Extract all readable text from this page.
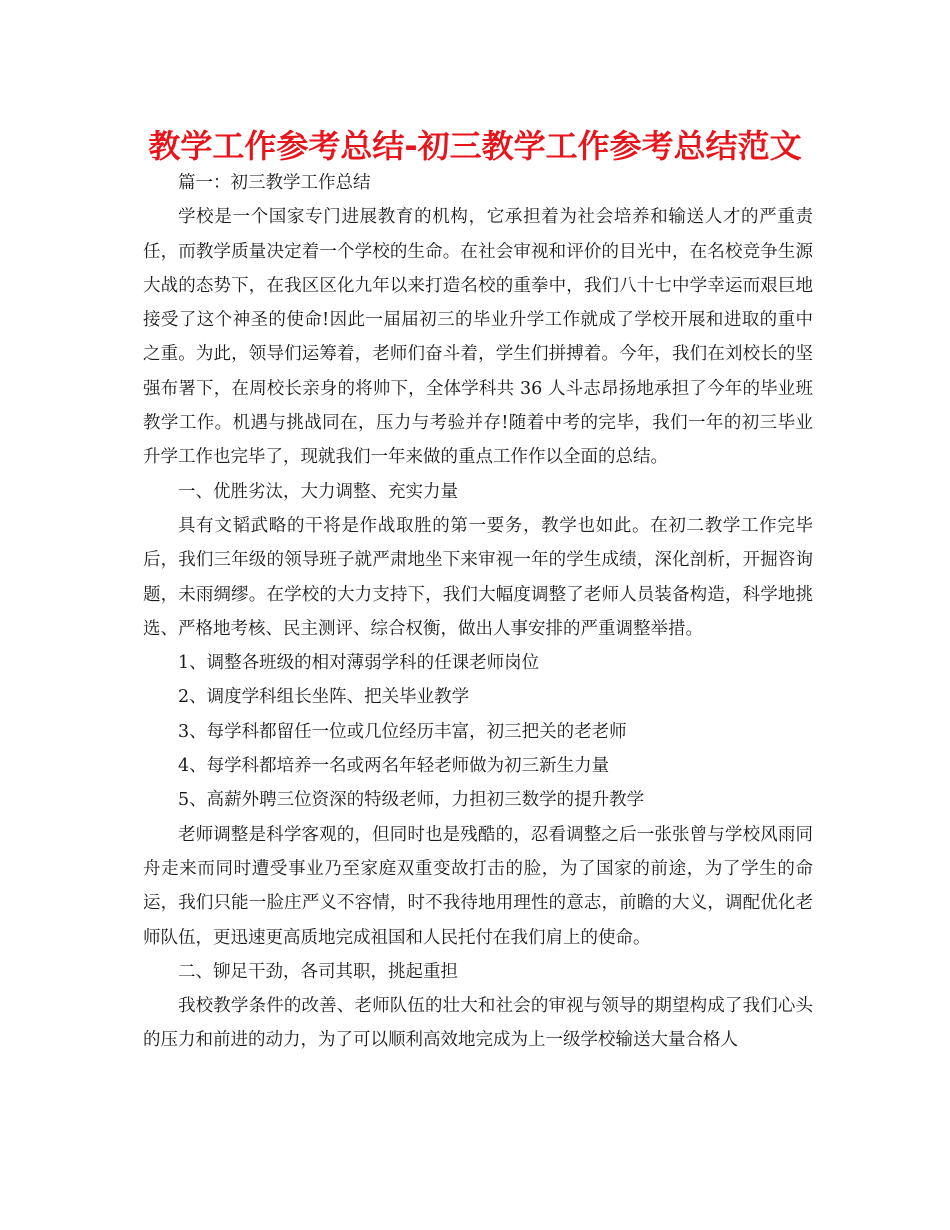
教学工作参考总结-初三教学工作参考总结范文

篇一：初三教学工作总结

学校是一个国家专门进展教育的机构，它承担着为社会培养和输送人才的严重责任，而教学质量决定着一个学校的生命。在社会审视和评价的目光中，在名校竞争生源大战的态势下，在我区区化九年以来打造名校的重拳中，我们八十七中学幸运而艰巨地接受了这个神圣的使命!因此一届届初三的毕业升学工作就成了学校开展和进取的重中之重。为此，领导们运筹着，老师们奋斗着，学生们拼搏着。今年，我们在刘校长的坚强布署下，在周校长亲身的将帅下，全体学科共 36 人斗志昂扬地承担了今年的毕业班教学工作。机遇与挑战同在，压力与考验并存!随着中考的完毕，我们一年的初三毕业升学工作也完毕了，现就我们一年来做的重点工作作以全面的总结。

一、优胜劣汰，大力调整、充实力量

具有文韬武略的干将是作战取胜的第一要务，教学也如此。在初二教学工作完毕后，我们三年级的领导班子就严肃地坐下来审视一年的学生成绩，深化剖析，开掘咨询题，未雨绸缪。在学校的大力支持下，我们大幅度调整了老师人员装备构造，科学地挑选、严格地考核、民主测评、综合权衡，做出人事安排的严重调整举措。

1、调整各班级的相对薄弱学科的任课老师岗位

2、调度学科组长坐阵、把关毕业教学

3、每学科都留任一位或几位经历丰富，初三把关的老老师

4、每学科都培养一名或两名年轻老师做为初三新生力量

5、高薪外聘三位资深的特级老师，力担初三数学的提升教学

老师调整是科学客观的，但同时也是残酷的，忍看调整之后一张张曾与学校风雨同舟走来而同时遭受事业乃至家庭双重变故打击的脸，为了国家的前途，为了学生的命运，我们只能一脸庄严义不容情，时不我待地用理性的意志，前瞻的大义，调配优化老师队伍，更迅速更高质地完成祖国和人民托付在我们肩上的使命。

二、铆足干劲，各司其职，挑起重担

我校教学条件的改善、老师队伍的壮大和社会的审视与领导的期望构成了我们心头的压力和前进的动力，为了可以顺利高效地完成为上一级学校输送大量合格人
